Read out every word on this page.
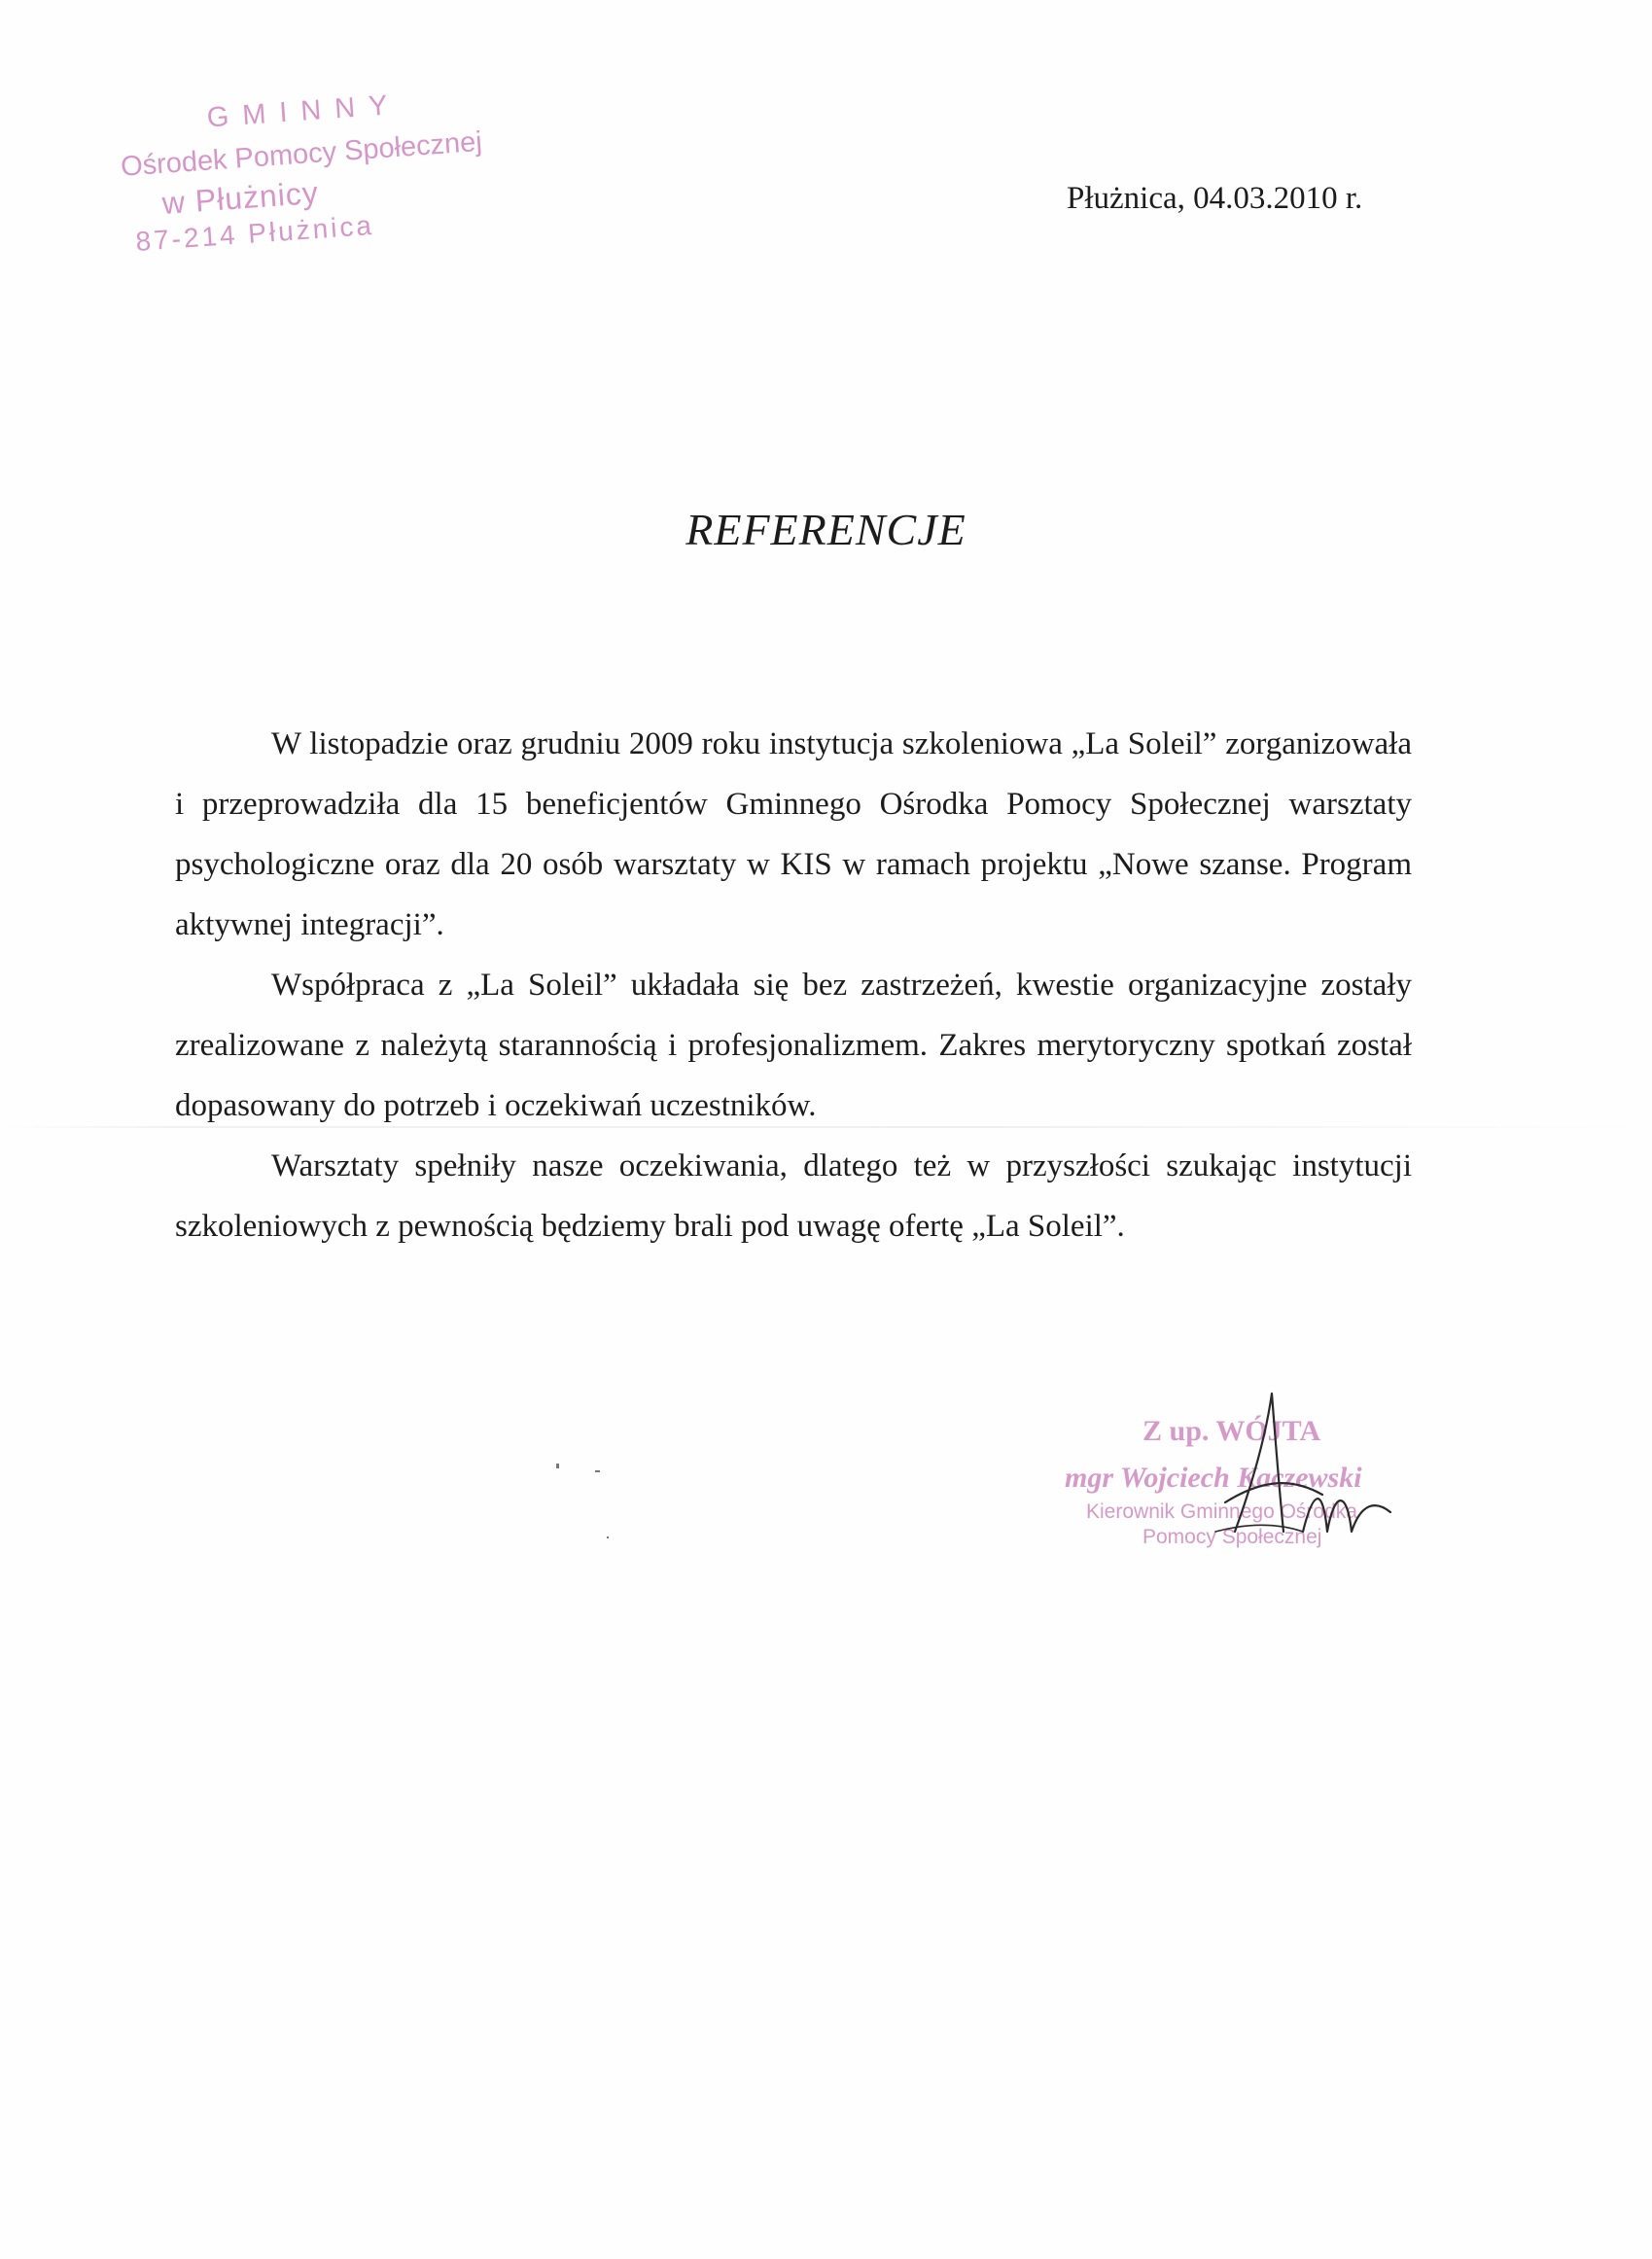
GMINNY
Ośrodek Pomocy Społecznej
w Płużnicy
87-214 Płużnica
Płużnica, 04.03.2010 r.
REFERENCJE

W listopadzie oraz grudniu 2009 roku instytucja szkoleniowa „La Soleil” zorganizowała i przeprowadziła dla 15 beneficjentów Gminnego Ośrodka Pomocy Społecznej warsztaty psychologiczne oraz dla 20 osób warsztaty w KIS w ramach projektu „Nowe szanse. Program aktywnej integracji”.

Współpraca z „La Soleil” układała się bez zastrzeżeń, kwestie organizacyjne zostały zrealizowane z należytą starannością i profesjonalizmem. Zakres merytoryczny spotkań został dopasowany do potrzeb i oczekiwań uczestników.

Warsztaty spełniły nasze oczekiwania, dlatego też w przyszłości szukając instytucji szkoleniowych z pewnością będziemy brali pod uwagę ofertę „La Soleil”.

Z up. WÓJTA
mgr Wojciech Kaczewski
Kierownik Gminnego Ośrodka
Pomocy Społecznej
